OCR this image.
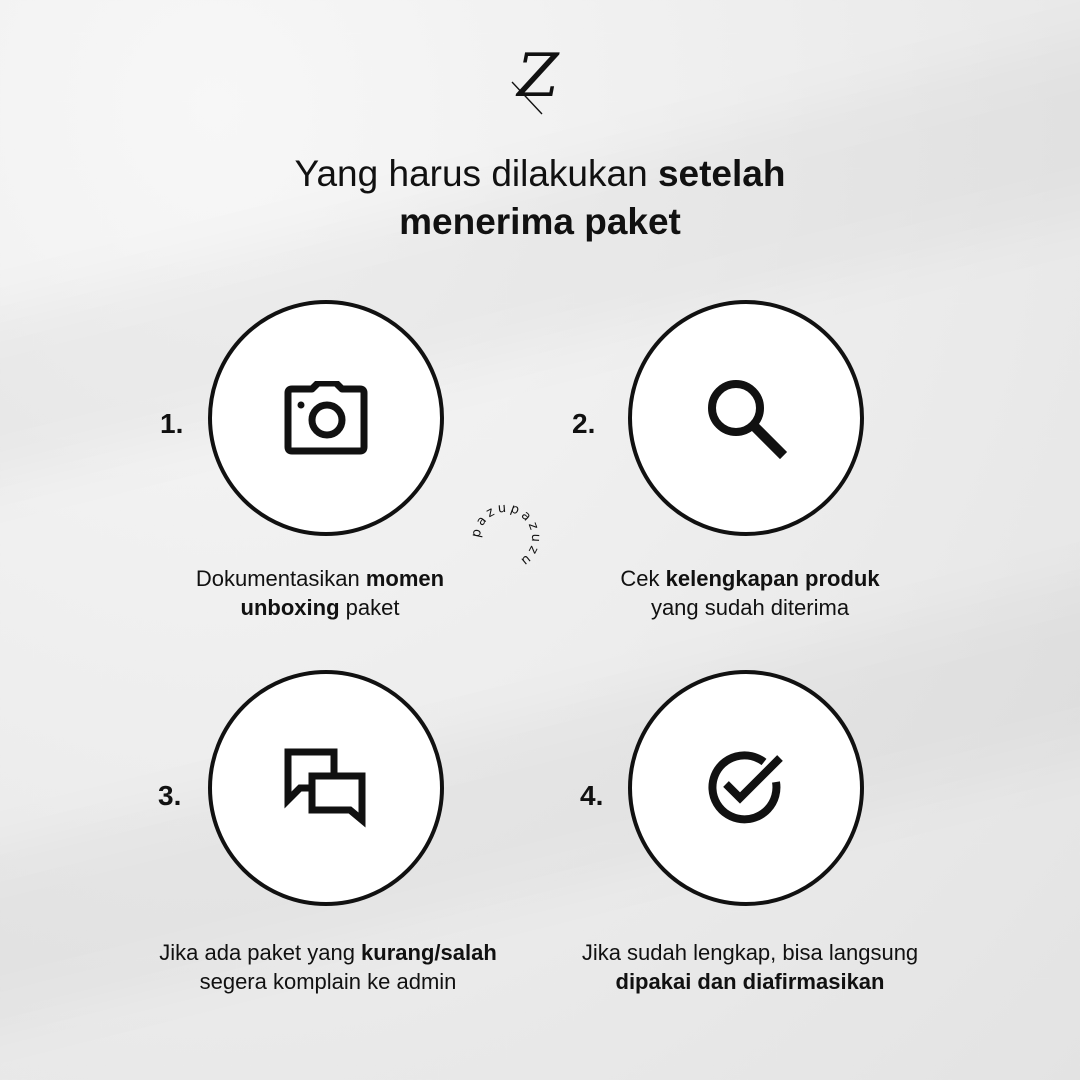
Z
Yang harus dilakukan setelah
menerima paket
1.
Dokumentasikan momen
unboxing paket
2.
Cek kelengkapan produk
yang sudah diterima
pazupazuzu
3.
Jika ada paket yang kurang/salah
segera komplain ke admin
4.
Jika sudah lengkap, bisa langsung
dipakai dan diafirmasikan
